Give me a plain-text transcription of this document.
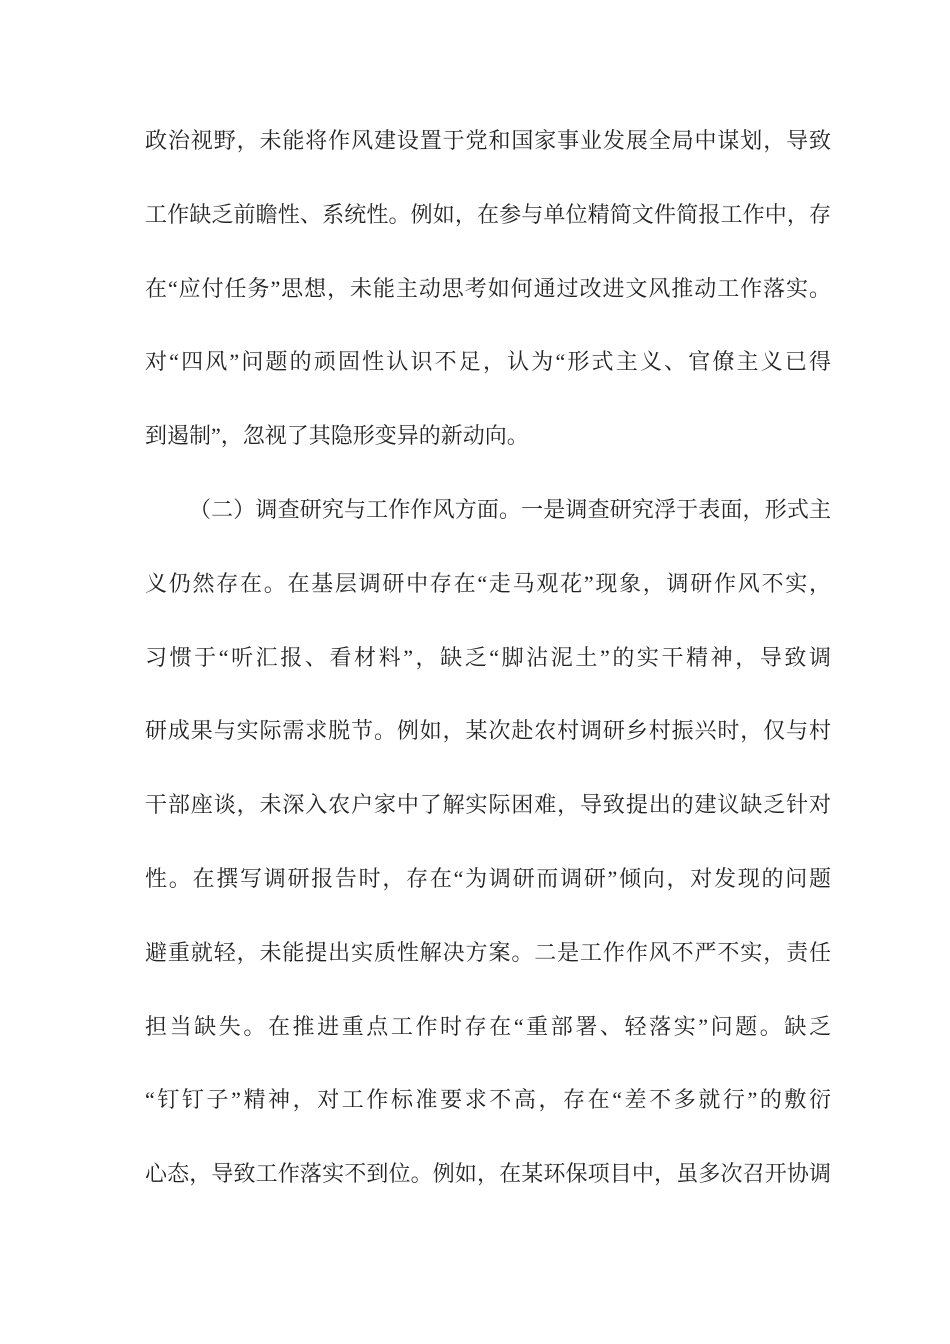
政治视野，未能将作风建设置于党和国家事业发展全局中谋划，导致
工作缺乏前瞻性、系统性。例如，在参与单位精简文件简报工作中，存
在“应付任务”思想，未能主动思考如何通过改进文风推动工作落实。
对“四风”问题的顽固性认识不足，认为“形式主义、官僚主义已得
到遏制”，忽视了其隐形变异的新动向。
（二）调查研究与工作作风方面。一是调查研究浮于表面，形式主
义仍然存在。在基层调研中存在“走马观花”现象，调研作风不实，
习惯于“听汇报、看材料”，缺乏“脚沾泥土”的实干精神，导致调
研成果与实际需求脱节。例如，某次赴农村调研乡村振兴时，仅与村
干部座谈，未深入农户家中了解实际困难，导致提出的建议缺乏针对
性。在撰写调研报告时，存在“为调研而调研”倾向，对发现的问题
避重就轻，未能提出实质性解决方案。二是工作作风不严不实，责任
担当缺失。在推进重点工作时存在“重部署、轻落实”问题。缺乏
“钉钉子”精神，对工作标准要求不高，存在“差不多就行”的敷衍
心态，导致工作落实不到位。例如，在某环保项目中，虽多次召开协调
